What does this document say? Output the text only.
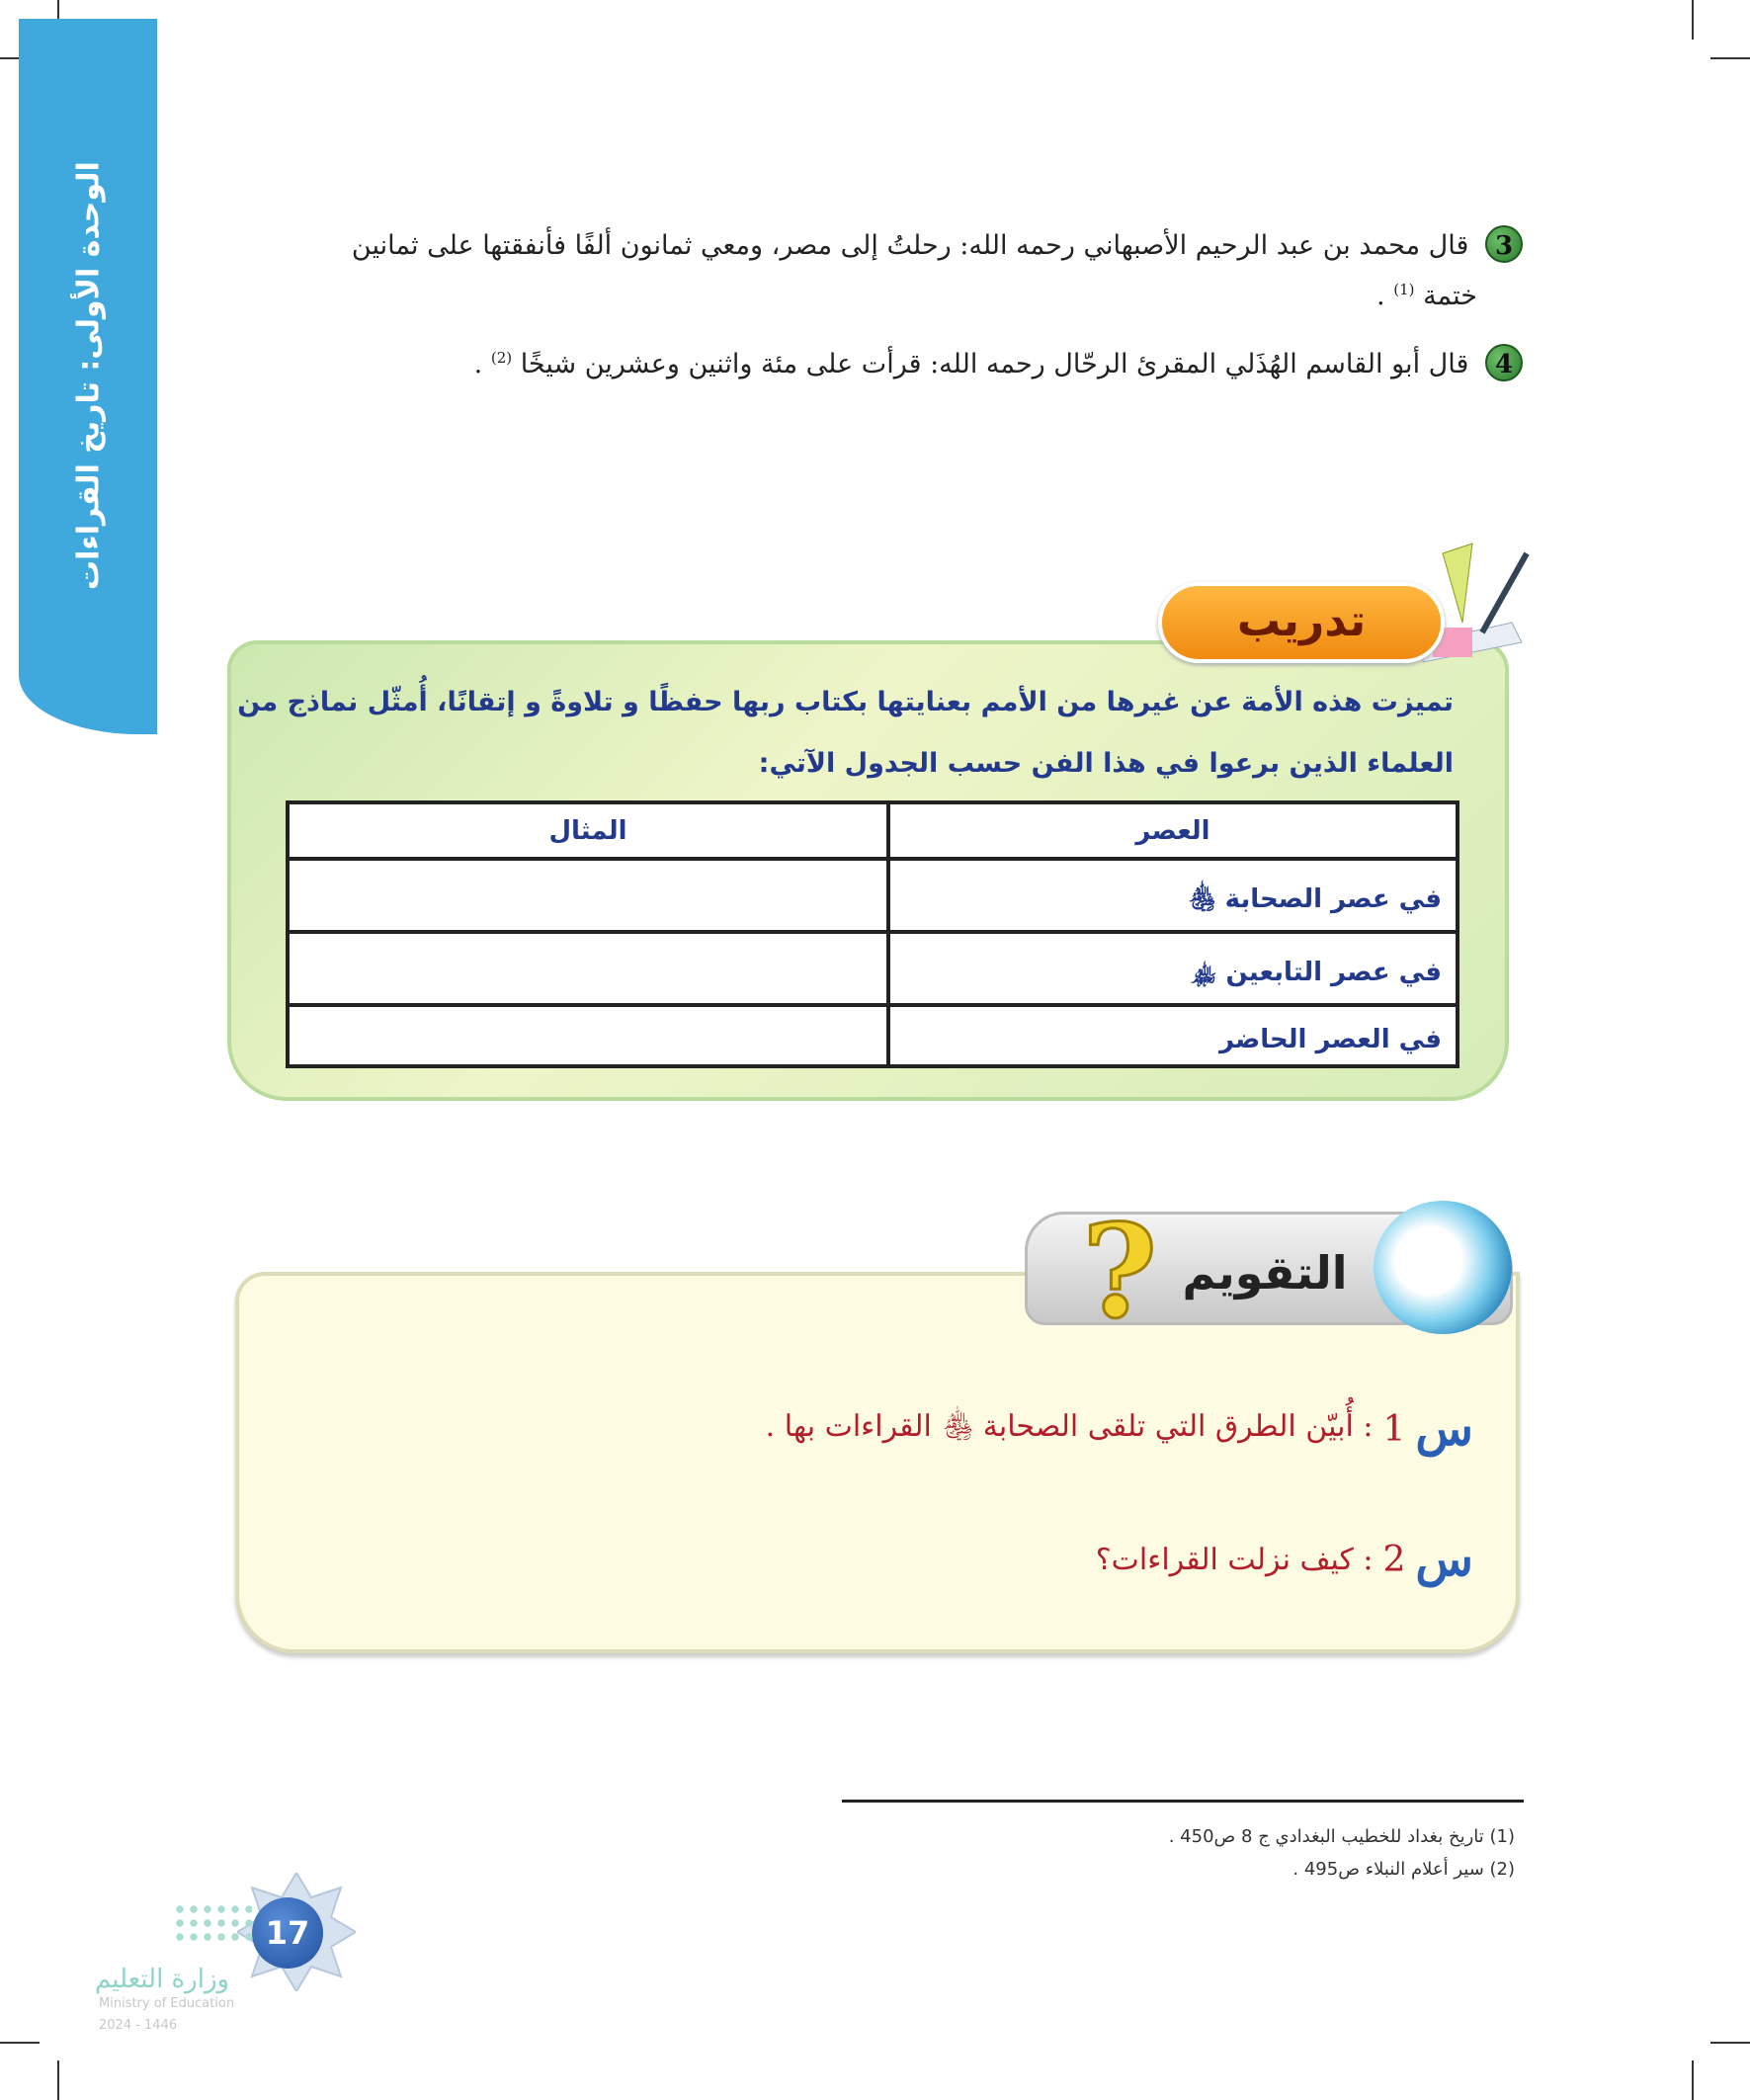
الوحدة الأولى: تاريخ القراءات	3 قال محمد بن عبد الرحيم الأصبهاني رحمه الله: رحلتُ إلى مصر، ومعي ثمانون ألفًا فأنفقتها على ثمانين
ختمة $^{(1)}$ .
4 قال أبو القاسم الهُذَلي المقرئ الرحّال رحمه الله: قرأت على مئة واثنين وعشرين شيخًا $^{(2)}$ .
تدريب
تميزت هذه الأمة عن غيرها من الأمم بعنايتها بكتاب ربها حفظًا و تلاوةً و إتقانًا، أُمثّل نماذج من
العلماء الذين برعوا في هذا الفن حسب الجدول الآتي:
العصر	المثال
في عصر الصحابة ﵃	
في عصر التابعين ﵏	
في العصر الحاضر	
? التقويم
س
1
: أُبيّن الطرق التي تلقى الصحابة ﵃ القراءات بها .
س
2
: كيف نزلت القراءات؟
(1) تاريخ بغداد للخطيب البغدادي ج 8 ص450 .
(2) سير أعلام النبلاء ص495 .
17
وزارة التعليم
Ministry of Education
2024 - 1446
